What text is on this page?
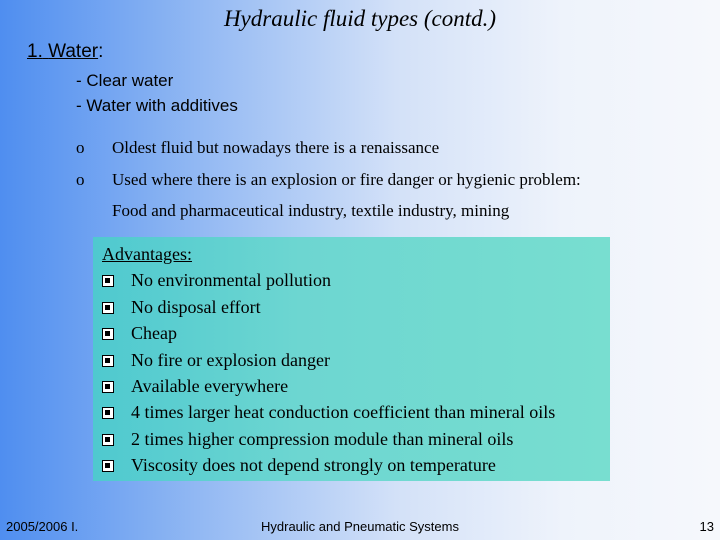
Hydraulic fluid types (contd.)
1. Water:
- Clear water
- Water with additives
o Oldest fluid but nowadays there is a renaissance
o Used where there is an explosion or fire danger or hygienic problem:
Food and pharmaceutical industry, textile industry, mining
Advantages:
No environmental pollution
No disposal effort
Cheap
No fire or explosion danger
Available everywhere
4 times larger heat conduction coefficient than mineral oils
2 times higher compression module than mineral oils
Viscosity does not depend strongly on temperature
2005/2006 I.	Hydraulic and Pneumatic Systems	13
